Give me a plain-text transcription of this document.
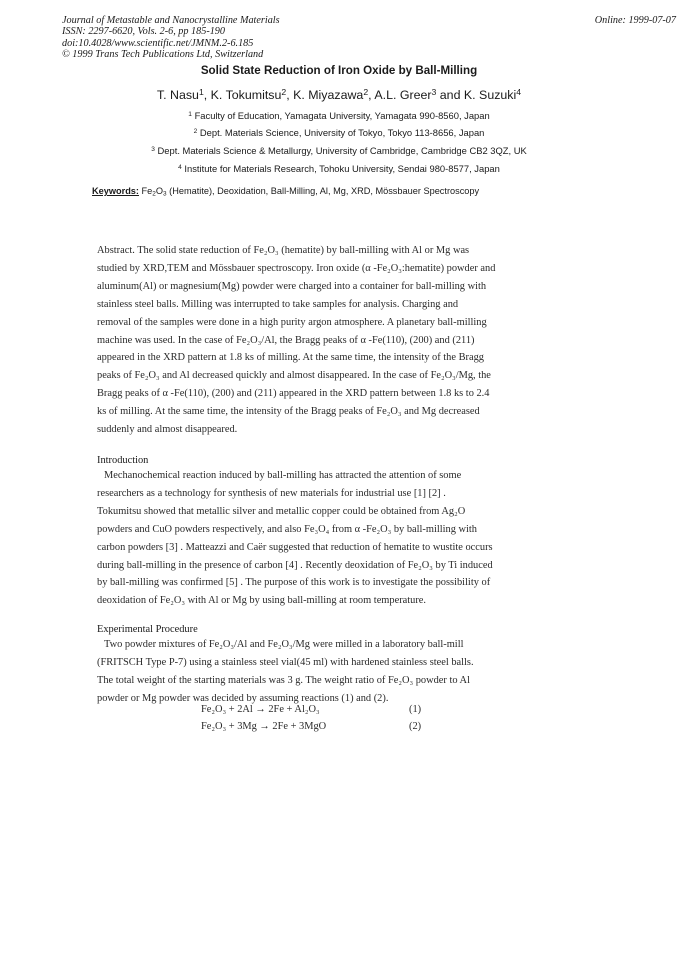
Journal of Metastable and Nanocrystalline Materials
ISSN: 2297-6620, Vols. 2-6, pp 185-190
doi:10.4028/www.scientific.net/JMNM.2-6.185
© 1999 Trans Tech Publications Ltd, Switzerland
Online: 1999-07-07
Solid State Reduction of Iron Oxide by Ball-Milling
T. Nasu$^1$, K. Tokumitsu$^2$, K. Miyazawa$^2$, A.L. Greer$^3$ and K. Suzuki$^4$
$^1$ Faculty of Education, Yamagata University, Yamagata 990-8560, Japan
$^2$ Dept. Materials Science, University of Tokyo, Tokyo 113-8656, Japan
$^3$ Dept. Materials Science & Metallurgy, University of Cambridge, Cambridge CB2 3QZ, UK
$^4$ Institute for Materials Research, Tohoku University, Sendai 980-8577, Japan
Keywords: $Fe_2O_3$ (Hematite), Deoxidation, Ball-Milling, Al, Mg, XRD, Mössbauer Spectroscopy

Abstract. The solid state reduction of Fe₂O₃ (hematite) by ball-milling with Al or Mg was

studied by XRD,TEM and Mössbauer spectroscopy. Iron oxide (α -Fe₂O₃:hematite) powder and

aluminum(Al) or magnesium(Mg) powder were charged into a container for ball-milling with

stainless steel balls. Milling was interrupted to take samples for analysis. Charging and

removal of the samples were done in a high purity argon atmosphere. A planetary ball-milling

machine was used. In the case of Fe₂O₃/Al, the Bragg peaks of α -Fe(110), (200) and (211)

appeared in the XRD pattern at 1.8 ks of milling. At the same time, the intensity of the Bragg

peaks of Fe₂O₃ and Al decreased quickly and almost disappeared. In the case of Fe₂O₃/Mg, the

Bragg peaks of α -Fe(110), (200) and (211) appeared in the XRD pattern between 1.8 ks to 2.4

ks of milling. At the same time, the intensity of the Bragg peaks of Fe₂O₃ and Mg decreased

suddenly and almost disappeared.

Introduction

Mechanochemical reaction induced by ball-milling has attracted the attention of some

researchers as a technology for synthesis of new materials for industrial use [1] [2] .

Tokumitsu showed that metallic silver and metallic copper could be obtained from Ag₂O

powders and CuO powders respectively, and also Fe₃O₄ from α -Fe₂O₃ by ball-milling with

carbon powders [3] . Matteazzi and Caër suggested that reduction of hematite to wustite occurs

during ball-milling in the presence of carbon [4] . Recently deoxidation of Fe₂O₃ by Ti induced

by ball-milling was confirmed [5] . The purpose of this work is to investigate the possibility of

deoxidation of Fe₂O₃ with Al or Mg by using ball-milling at room temperature.

Experimental Procedure

Two powder mixtures of Fe₂O₃/Al and Fe₂O₃/Mg were milled in a laboratory ball-mill

(FRITSCH Type P-7) using a stainless steel vial(45 ml) with hardened stainless steel balls.

The total weight of the starting materials was 3 g. The weight ratio of Fe₂O₃ powder to Al

powder or Mg powder was decided by assuming reactions (1) and (2).

Fe₂O₃ + 2Al → 2Fe + Al₂O₃	(1)
Fe₂O₃ + 3Mg → 2Fe + 3MgO	(2)
